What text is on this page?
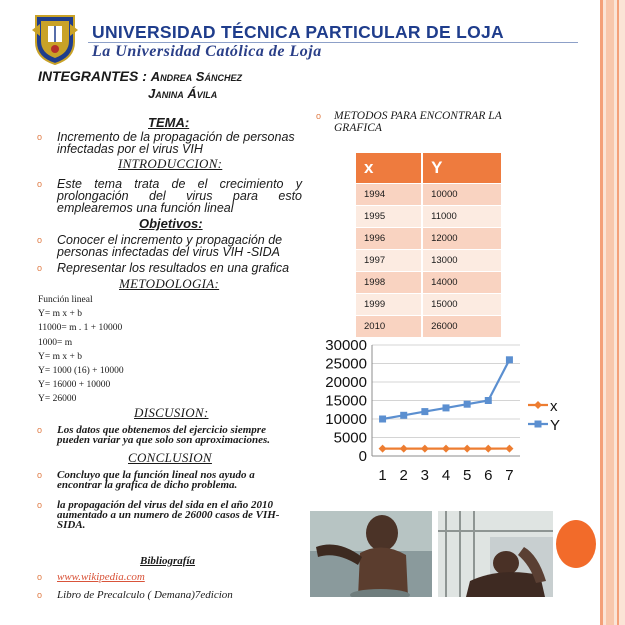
UNIVERSIDAD TÉCNICA PARTICULAR DE LOJA
La Universidad Católica de Loja
INTEGRANTES : Andrea Sánchez
Janina Ávila
TEMA:
o Incremento de la propagación de personas infectadas por el virus VIH
INTRODUCCION:
o Este tema trata de el crecimiento y prolongación del virus para esto emplearemos una función lineal
Objetivos:
o Conocer el incremento y propagación de personas infectadas del virus VIH -SIDA
o Representar los resultados en una grafica
METODOLOGIA:
Función lineal
Y= m x + b
11000= m . 1 + 10000
1000= m
Y= m x + b
Y= 1000 (16) + 10000
Y= 16000 + 10000
Y= 26000
DISCUSION:
o Los datos que obtenemos del ejercicio siempre pueden variar ya que solo son aproximaciones.
CONCLUSION
o Concluyo que la función lineal nos ayudo a encontrar la grafica de dicho problema.
o la propagación del virus del sida en el año 2010 aumentado a un numero de 26000 casos de VIH-SIDA.
Bibliografía
o www.wikipedia.com
o Libro de Precalculo ( Demana)7edicion
o METODOS PARA ENCONTRAR LA GRAFICA
x	Y
1994	10000
1995	11000
1996	12000
1997	13000
1998	14000
1999	15000
2010	26000
0
5000
10000
15000
20000
25000
30000
1 2 3 4 5 6 7
x
Y
